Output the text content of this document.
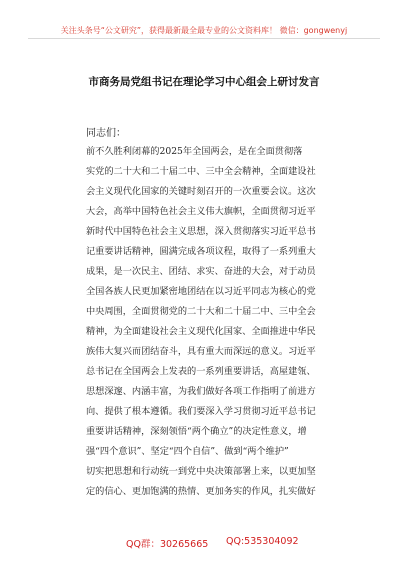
关注头条号“公文研究”，获得最新最全最专业的公文资料库！ 微信：gongwenyj
市商务局党组书记在理论学习中心组会上研讨发言
同志们：
前不久胜利闭幕的2025年全国两会，是在全面贯彻落
实党的二十大和二十届二中、三中全会精神，全面建设社
会主义现代化国家的关键时刻召开的一次重要会议。这次
大会，高举中国特色社会主义伟大旗帜，全面贯彻习近平
新时代中国特色社会主义思想，深入贯彻落实习近平总书
记重要讲话精神，圆满完成各项议程，取得了一系列重大
成果，是一次民主、团结、求实、奋进的大会，对于动员
全国各族人民更加紧密地团结在以习近平同志为核心的党
中央周围，全面贯彻党的二十大和二十届二中、三中全会
精神，为全面建设社会主义现代化国家、全面推进中华民
族伟大复兴而团结奋斗，具有重大而深远的意义。习近平
总书记在全国两会上发表的一系列重要讲话，高屋建瓴、
思想深邃、内涵丰富，为我们做好各项工作指明了前进方
向、提供了根本遵循。我们要深入学习贯彻习近平总书记
重要讲话精神，深刻领悟“两个确立”的决定性意义，增
强“四个意识”、坚定“四个自信”、做到“两个维护”
切实把思想和行动统一到党中央决策部署上来，以更加坚
定的信心、更加饱满的热情、更加务实的作风，扎实做好
QQ群：30265665 QQ:535304092
